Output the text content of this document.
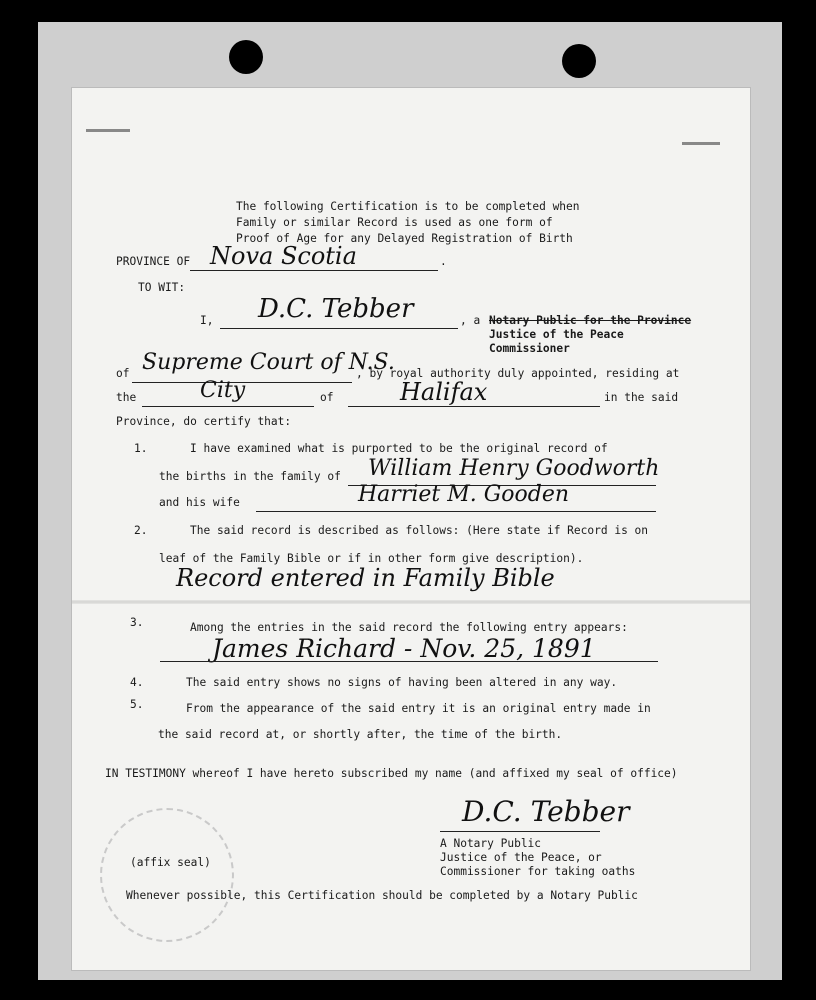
The following Certification is to be completed when
Family or similar Record is used as one form of
Proof of Age for any Delayed Registration of Birth
PROVINCE OF Nova Scotia	.
TO WIT:
I, D.C. Tebber	, a Notary Public for the Province
Justice of the Peace
Commissioner
of Supreme Court of N.S.
, by royal authority duly appointed, residing at
the	City	of	Halifax	in the said
Province, do certify that:
1.	I have examined what is purported to be the original record of
the births in the family of William Henry Goodworth
and his wife	Harriet M. Gooden
2.	The said record is described as follows: (Here state if Record is on
leaf of the Family Bible or if in other form give description).
Record entered in Family Bible
3.	Among the entries in the said record the following entry appears:
James Richard - Nov. 25, 1891
4.	The said entry shows no signs of having been altered in any way.
5.	From the appearance of the said entry it is an original entry made in
the said record at, or shortly after, the time of the birth.
IN TESTIMONY whereof I have hereto subscribed my name (and affixed my seal of office)
D.C. Tebber
A Notary Public
Justice of the Peace, or
Commissioner for taking oaths
(affix seal)
Whenever possible, this Certification should be completed by a Notary Public
